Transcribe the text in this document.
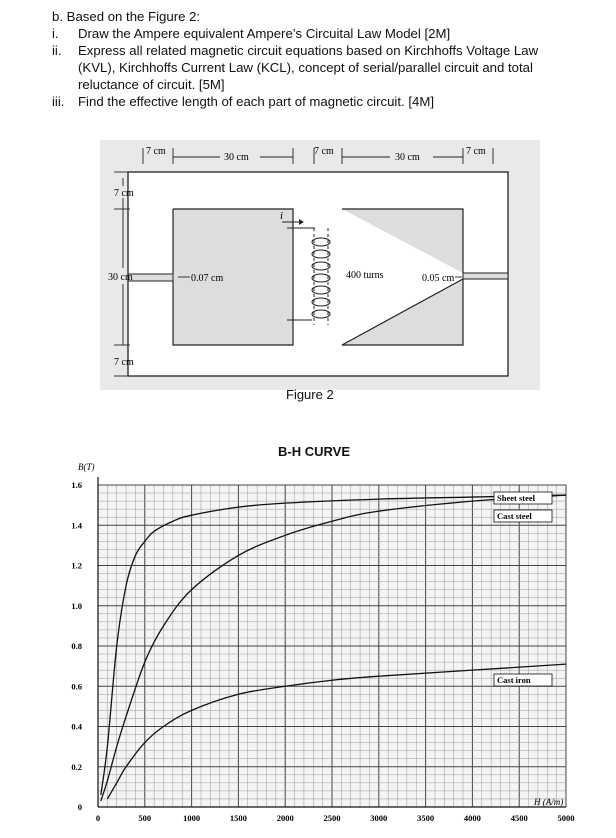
b. Based on the Figure 2:
i. Draw the Ampere equivalent Ampere’s Circuital Law Model [2M]
ii. Express all related magnetic circuit equations based on Kirchhoffs Voltage Law
(KVL), Kirchhoffs Current Law (KCL), concept of serial/parallel circuit and total
reluctance of circuit. [5M]
iii. Find the effective length of each part of magnetic circuit. [4M]
i
7 cm
30 cm
7 cm
30 cm
7 cm
7 cm
30 cm
7 cm
0.07 cm	400 turns	0.05 cm
Figure 2
B-H CURVE
0	500	1000	1500	2000	2500	3000	3500	4000	4500	5000
0
0.2
0.4
0.6
0.8
1.0
1.2
1.4
1.6
Sheet steel
Cast steel
Cast iron
B(T)
H (A/m)
